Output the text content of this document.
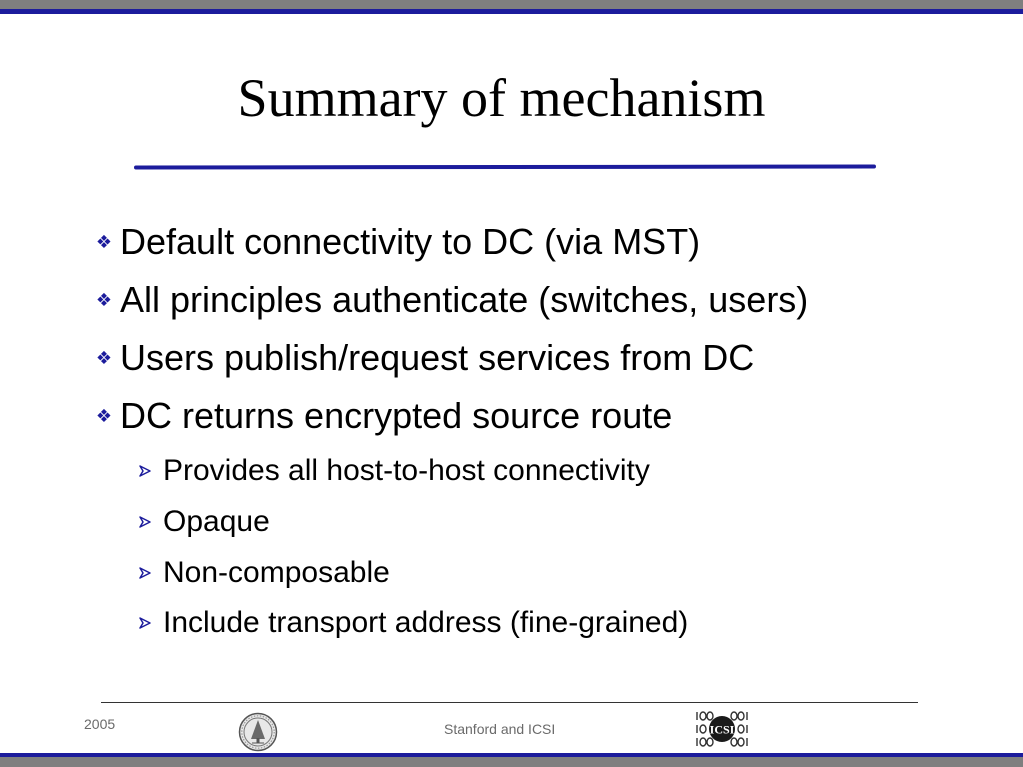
Summary of mechanism
❖ Default connectivity to DC (via MST)
❖ All principles authenticate (switches, users)
❖ Users publish/request services from DC
❖ DC returns encrypted source route
Provides all host-to-host connectivity
Opaque
Non-composable
Include transport address (fine-grained)
2005	Stanford and ICSI	ICSI
